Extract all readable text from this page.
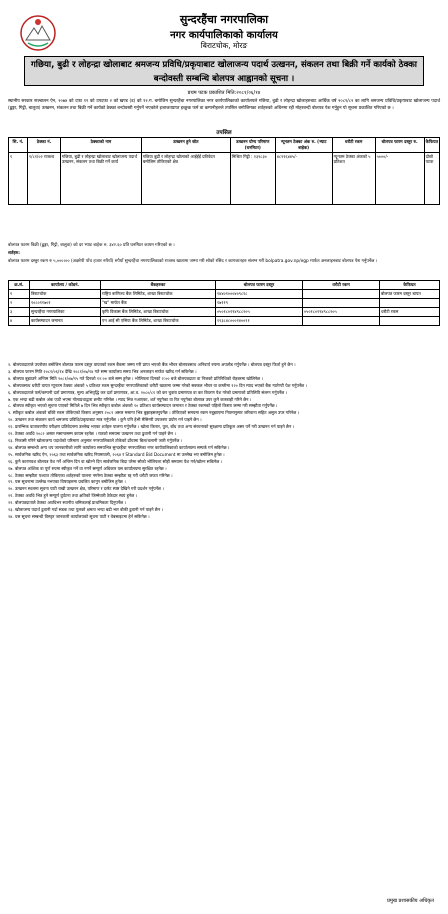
सुन्दरहैंचा नगरपालिका
नगर कार्यपालिकाको कार्यालय
बिराटचोक, मोरङ
गछिया, बुढी र लोहन्द्रा खोलाबाट श्रमजन्य प्रविधि/प्रकृयाबाट खोलाजन्य पदार्थ उत्खनन, संकलन तथा बिक्री गर्ने कार्यको ठेक्का बन्दोवस्ती सम्बन्धि बोलपत्र आह्वानको सूचना ।
प्रथम पटक प्रकाशित मिति:२०८१/०६/१४
स्थानीय सरकार सञ्चालन ऐन, २०७४ को दफा ११ को उपदफा २ को खण्ड (ड) को १२.ग. बमोजिम सुन्दरहैंचा नगरपालिका नगर कार्यपालिकाको कार्यालयले गछिया, बुढी र लोहन्द्रा खोलाहरुबाट आर्थिक वर्ष २०८१/८२ का लागि श्रमजन्य प्रविधि/प्रकृयाबाट खोलाजन्य पदार्थ (ढुङ्गा, गिट्टी, बालुवा) उत्खनन, संकलन तथा बिक्री गर्ने कार्यको ठेक्का बन्दोवस्ती गर्नुपर्ने भएकोले इजाजतप्राप्त इच्छुक फर्म वा कम्पनीहरुले तपसिल बमोजिमका शर्तहरुको अधिनमा रही मोहरबन्दी बोलपत्र पेश गर्नुहुन यो सूचना प्रकाशित गरिएको छ ।
तपसिल
सि. नं.	ठेक्का नं.	ठेक्काको नाम	उत्खनन हुने स्रोत	उत्खनन योग्य परिमाण (घनमिटर)	न्यूनतम ठेक्का अंक रु. (भ्याट बाहेक)	धरौटी रकम	बोलपत्र फारम दस्तुर रु.	कैफियत
१	१/८१/०२ राजश्व	गछिया, बुढी र लोहन्द्रा खोलाबाट खोलाजन्य पदार्थ उत्खनन, संकलन तथा बिक्री गर्ने कार्य	गछिया बुढी र लोहन्द्रा खोलाको आईईई प्रतिवेदन बमोजिम तोकिएको क्षेत्र	मिश्रित गिट्टी : २३९८३०	४८९१६४४५/-	न्यूनतम ठेक्का अंकको ५ प्रतिशत	५०००/-	दोस्रो पटक
बोलपत्र फारम विक्री (ढुङ्गा, गिट्टी, बालुवा) को दर भ्याट बाहेक रु. ३४२.६० प्रति घनमिटर कायम गरिएको छ ।
शर्तहरु:
बोलपत्र फारम दस्तुर रकम रु ५,०००।०० (अक्षरेपी पाँच हजार रुपैयाँ) रुपैयाँ सुन्दरहैंचा नगरपालिकाको राजश्व खातामा जम्मा गरी सोको रसिद र कागजातहरु संलग्न गरी bolpatra.gov.np/egp मार्फत अनलाइनबाट बोलपत्र पेश गर्नुपर्नेछ ।
क्र.सं.	कार्यालय / कोडनं.	बैंकहरुका	बोलपत्र फारम दस्तुर	धरौटी रकम	कैफियत
१	बिराटचोक	राष्ट्रिय बाणिज्य बैंक लिमिटेड, शाखा बिराटचोक	१४४०१०००४०९८१८		बोलपत्र फारम दस्तुर बापत
२	१०८०११७०१	"ख" मार्फत बैंक	१७११९		
३	सुन्दरहैंचा नगरपालिका	कृषि विकास बैंक लिमिटेड, शाखा बिराटचोक	०५०१८०१९४९८८२०५	०५०१८०१९४९८८२०५	धरौटी रकम
४	कार्यसम्पादन जमानत	एन आई सी एसिया बैंक लिमिटेड, शाखा बिराटचोक	१२३८४८०००१४००११		

२. बोलपत्रदाताले उपरोक्त बमोजिम बोलपत्र फारम दस्तुर वापतको रकम बैंकमा जम्मा गरी प्राप्त भएको बैंक भौचर बोलपत्रसाथ अनिवार्य रुपमा अपलोड गर्नुपर्नेछ । बोलपत्र दस्तुर फिर्ता हुने छैन ।

३. बोलपत्र फारम मिति २०८१/०६/१४ देखि २०८१/०७/१४ गते सम्म कार्यालय समय भित्र अनलाइन मार्फत खरिद गर्न सकिनेछ ।

४. बोलपत्र बुझाउने अन्तिम मिति २०८१/०७/१५ गते दिनको १२:०० बजे सम्म हुनेछ । भोलिपल्ट दिनको २:०० बजे बोलपत्रदाता वा निजको प्रतिनिधिको रोहबरमा खोलिनेछ ।

५. बोलपत्रसाथ धरौटी वापत न्यूनतम ठेक्का अंकको ५ प्रतिशत रकम सुन्दरहैंचा नगरपालिकाको धरौटी खातामा जम्मा गरेको सक्कल भौचर वा कम्तीमा १२० दिन म्याद भएको बैंक ग्यारेण्टी पेश गर्नुपर्नेछ ।

६. बोलपत्रदाताले फर्म/कम्पनी दर्ता प्रमाणपत्र, मूल्य अभिवृद्धि कर दर्ता प्रमाणपत्र, आ.व. २०८०/८१ को कर चुक्ता प्रमाणपत्र वा कर विवरण पेश गरेको प्रमाणको प्रतिलिपि संलग्न गर्नुपर्नेछ ।

७. एक भन्दा बढी कबोल अंक एउटै भएमा गोलाप्रथाद्वारा छनौट गरिनेछ । म्याद भित्र नआएका, शर्त नपुगेका वा रित नपुगेका बोलपत्र उपर कुनै कारबाही गरिने छैन ।

८. बोलपत्र स्वीकृत भएको सूचना पाएको मितिले ७ दिन भित्र स्वीकृत कबोल अंकको १० प्रतिशत कार्यसम्पादन जमानत र ठेक्का रकमको पहिलो किस्ता जम्मा गरी सम्झौता गर्नुपर्नेछ ।

९. स्वीकृत कबोल अंकको बाँकी रकम तोकिएको किस्ता अनुसार २०८२ असार मसान्त भित्र बुझाइसक्नुपर्नेछ । तोकिएको समयमा रकम नबुझाएमा नियमानुसार जरिवाना सहित असुल उपर गरिनेछ ।

१०. उत्खनन तथा संकलन कार्य श्रमजन्य प्रविधि/प्रकृयाबाट मात्र गर्नुपर्नेछ । कुनै पनि हेभी मेसिनरी उपकरण प्रयोग गर्न पाइने छैन ।

११. प्रारम्भिक वातावरणीय परीक्षण प्रतिवेदनमा उल्लेख भएका शर्तहरु पालना गर्नुपर्नेछ । खोला किनार, पुल, बाँध तथा अन्य संरचनाको सुरक्षामा प्रतिकूल असर पर्ने गरी उत्खनन गर्न पाइने छैन ।

१२. ठेक्का अवधि २०८२ असार मसान्तसम्म कायम रहनेछ । रातको समयमा उत्खनन तथा ढुवानी गर्न पाइने छैन ।

१३. निकासी गरिने खोलाजन्य पदार्थको परिमाण अनुसार नगरपालिकाले तोकेको ढाँचामा बिल/चलानी जारी गर्नुपर्नेछ ।

१४. बोलपत्र सम्बन्धी अन्य थप जानकारीको लागि कार्यालय समयभित्र सुन्दरहैंचा नगरपालिका नगर कार्यपालिकाको कार्यालयमा सम्पर्क गर्न सकिनेछ ।

१५. सार्वजनिक खरिद ऐन, २०६३ तथा सार्वजनिक खरिद नियमावली, २०६४ र Standard Bid Document मा उल्लेख भए बमोजिम हुनेछ ।

१६. कुनै कारणवश बोलपत्र पेश गर्ने अन्तिम दिन वा खोल्ने दिन सार्वजनिक बिदा परेमा सोको भोलिपल्ट सोही समयमा पेश गर्न/खोल्न सकिनेछ ।

१७. बोलपत्र आंशिक वा पूर्ण रुपमा स्वीकृत गर्ने वा नगर्ने सम्पूर्ण अधिकार यस कार्यालयमा सुरक्षित रहनेछ ।

१८. ठेक्का सम्झौता पश्चात तोकिएका शर्तहरुको पालना नगरेमा ठेक्का सम्झौता रद्द गरी धरौटी जफत गरिनेछ ।

१९. यस सूचनामा उल्लेख नभएका विषयहरुमा प्रचलित कानून बमोजिम हुनेछ ।

२०. उत्खनन स्थलमा सूचना पाटी राखी उत्खनन क्षेत्र, परिमाण र दररेट स्पष्ट देखिने गरी प्रदर्शन गर्नुपर्नेछ ।

२१. ठेक्का अवधि भित्र हुने सम्पूर्ण दुर्घटना तथा क्षतिको जिम्मेवारी ठेकेदार स्वयं हुनेछ ।

२२. बोलपत्रदाताले ठेक्का अवधिभर स्थानीय श्रमिकलाई प्राथमिकता दिनुपर्नेछ ।

२३. खोलाजन्य पदार्थ ढुवानी गर्दा सडक तथा पुलको क्षमता भन्दा बढी भार बोकी ढुवानी गर्न पाइने छैन ।

२४. यस सूचना सम्बन्धी विस्तृत जानकारी कार्यालयको सूचना पाटी र वेबसाइटमा हेर्न सकिनेछ ।

प्रमुख प्रशासकीय अधिकृत
